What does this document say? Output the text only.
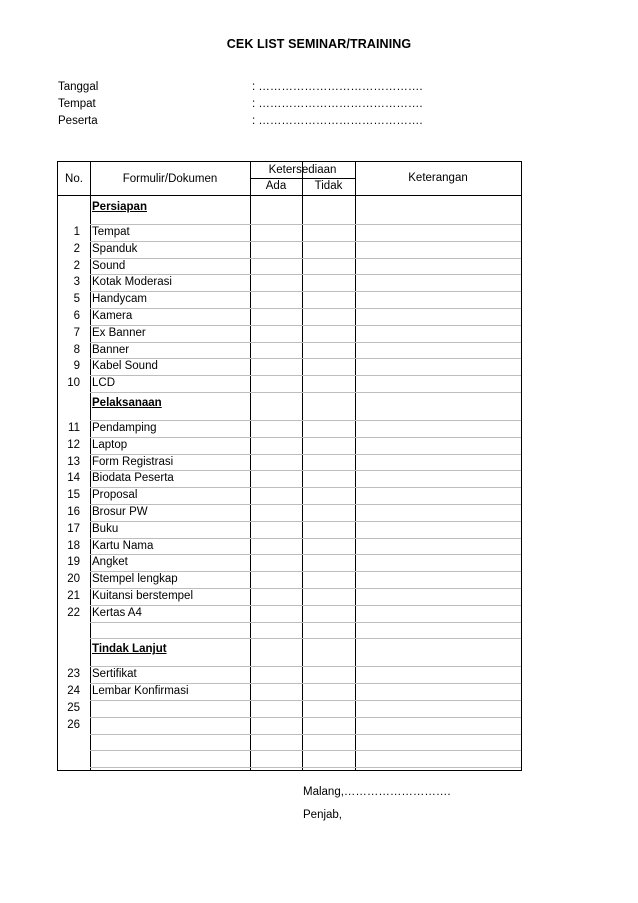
CEK LIST SEMINAR/TRAINING
Tanggal	: …………………………………….
Tempat	: …………………………………….
Peserta	: …………………………………….
No.	Formulir/Dokumen
Ketersediaan
Ada	Tidak
Keterangan
Persiapan
1 Tempat
2 Spanduk
2 Sound
3 Kotak Moderasi
5 Handycam
6 Kamera
7 Ex Banner
8 Banner
9 Kabel Sound
10 LCD
Pelaksanaan
11 Pendamping
12 Laptop
13 Form Registrasi
14 Biodata Peserta
15 Proposal
16 Brosur PW
17 Buku
18 Kartu Nama
19 Angket
20 Stempel lengkap
21 Kuitansi berstempel
22 Kertas A4
Tindak Lanjut
23 Sertifikat
24 Lembar Konfirmasi
25
26
Malang,……………………….
Penjab,
